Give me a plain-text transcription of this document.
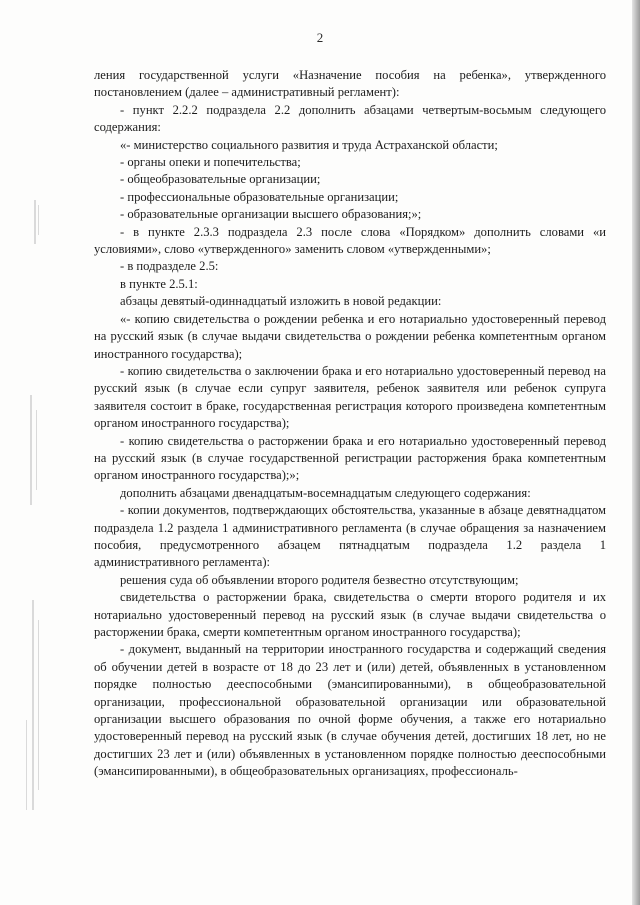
2

ления государственной услуги «Назначение пособия на ребенка», утвержденного постановлением (далее – административный регламент):

- пункт 2.2.2 подраздела 2.2 дополнить абзацами четвертым-восьмым следующего содержания:

«- министерство социального развития и труда Астраханской области;

- органы опеки и попечительства;

- общеобразовательные организации;

- профессиональные образовательные организации;

- образовательные организации высшего образования;»;

- в пункте 2.3.3 подраздела 2.3 после слова «Порядком» дополнить словами «и условиями», слово «утвержденного» заменить словом «утвержденными»;

- в подразделе 2.5:

в пункте 2.5.1:

абзацы девятый-одиннадцатый изложить в новой редакции:

«- копию свидетельства о рождении ребенка и его нотариально удостоверенный перевод на русский язык (в случае выдачи свидетельства о рождении ребенка компетентным органом иностранного государства);

- копию свидетельства о заключении брака и его нотариально удостоверенный перевод на русский язык (в случае если супруг заявителя, ребенок заявителя или ребенок супруга заявителя состоит в браке, государственная регистрация которого произведена компетентным органом иностранного государства);

- копию свидетельства о расторжении брака и его нотариально удостоверенный перевод на русский язык (в случае государственной регистрации расторжения брака компетентным органом иностранного государства);»;

дополнить абзацами двенадцатым-восемнадцатым следующего содержания:

- копии документов, подтверждающих обстоятельства, указанные в абзаце девятнадцатом подраздела 1.2 раздела 1 административного регламента (в случае обращения за назначением пособия, предусмотренного абзацем пятнадцатым подраздела 1.2 раздела 1 административного регламента):

решения суда об объявлении второго родителя безвестно отсутствующим;

свидетельства о расторжении брака, свидетельства о смерти второго родителя и их нотариально удостоверенный перевод на русский язык (в случае выдачи свидетельства о расторжении брака, смерти компетентным органом иностранного государства);

- документ, выданный на территории иностранного государства и содержащий сведения об обучении детей в возрасте от 18 до 23 лет и (или) детей, объявленных в установленном порядке полностью дееспособными (эмансипированными), в общеобразовательной организации, профессиональной образовательной организации или образовательной организации высшего образования по очной форме обучения, а также его нотариально удостоверенный перевод на русский язык (в случае обучения детей, достигших 18 лет, но не достигших 23 лет и (или) объявленных в установленном порядке полностью дееспособными (эмансипированными), в общеобразовательных организациях, профессиональ-
